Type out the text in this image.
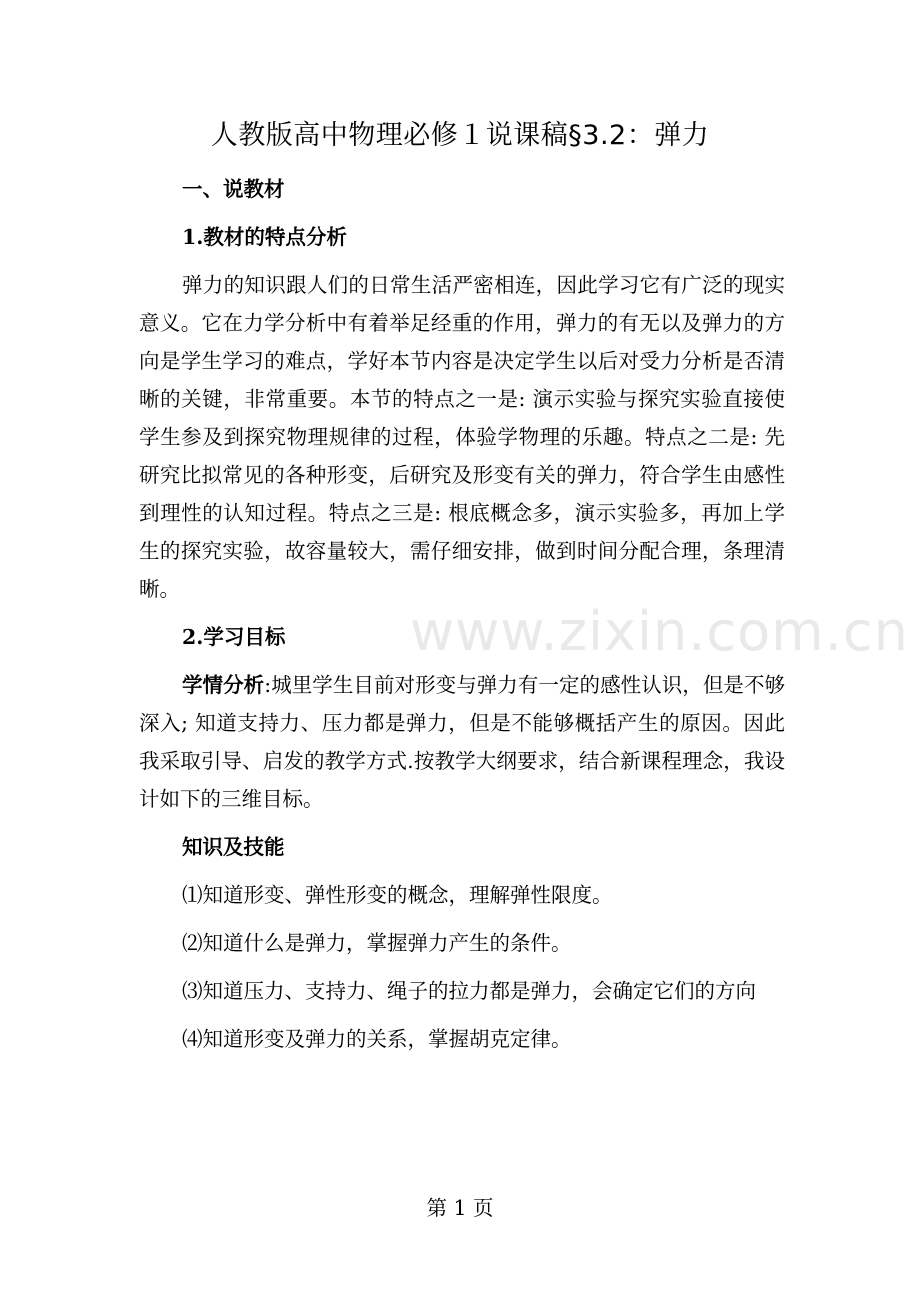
www.zixin.com.cn
人教版高中物理必修１说课稿§3.2：弹力

一、说教材

1.教材的特点分析

弹力的知识跟人们的日常生活严密相连，因此学习它有广泛的现实意义。它在力学分析中有着举足经重的作用，弹力的有无以及弹力的方向是学生学习的难点，学好本节内容是决定学生以后对受力分析是否清晰的关键，非常重要。本节的特点之一是: 演示实验与探究实验直接使学生参及到探究物理规律的过程，体验学物理的乐趣。特点之二是: 先研究比拟常见的各种形变，后研究及形变有关的弹力，符合学生由感性到理性的认知过程。特点之三是: 根底概念多，演示实验多，再加上学生的探究实验，故容量较大，需仔细安排，做到时间分配合理，条理清晰。

2.学习目标

学情分析:城里学生目前对形变与弹力有一定的感性认识，但是不够深入; 知道支持力、压力都是弹力，但是不能够概括产生的原因。因此我采取引导、启发的教学方式.按教学大纲要求，结合新课程理念，我设计如下的三维目标。

知识及技能

⑴知道形变、弹性形变的概念，理解弹性限度。

⑵知道什么是弹力，掌握弹力产生的条件。

⑶知道压力、支持力、绳子的拉力都是弹力，会确定它们的方向

⑷知道形变及弹力的关系，掌握胡克定律。

第 1 页
